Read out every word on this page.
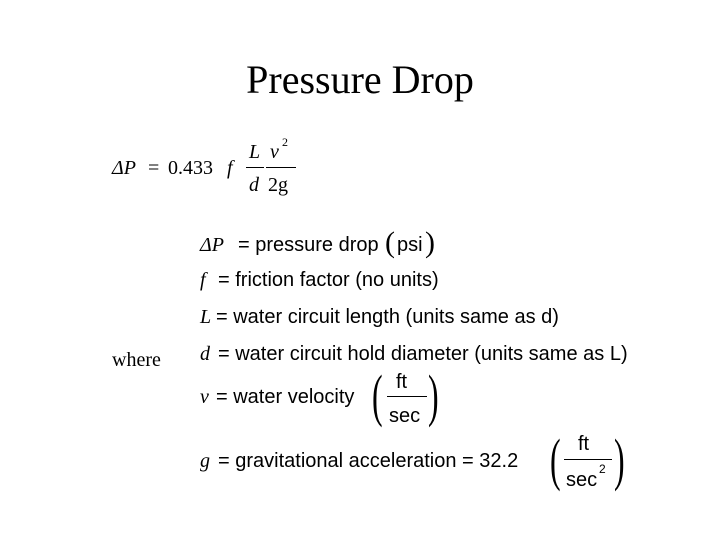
Pressure Drop
ΔP = 0.433 f
L
d
v 2
2g
where
ΔP = pressure drop ( psi )
f = friction factor (no units)
L = water circuit length (units same as d)
d = water circuit hold diameter (units same as L)
v = water velocity ( ft
sec )
g = gravitational acceleration = 32.2 ( ft
sec 2 )
